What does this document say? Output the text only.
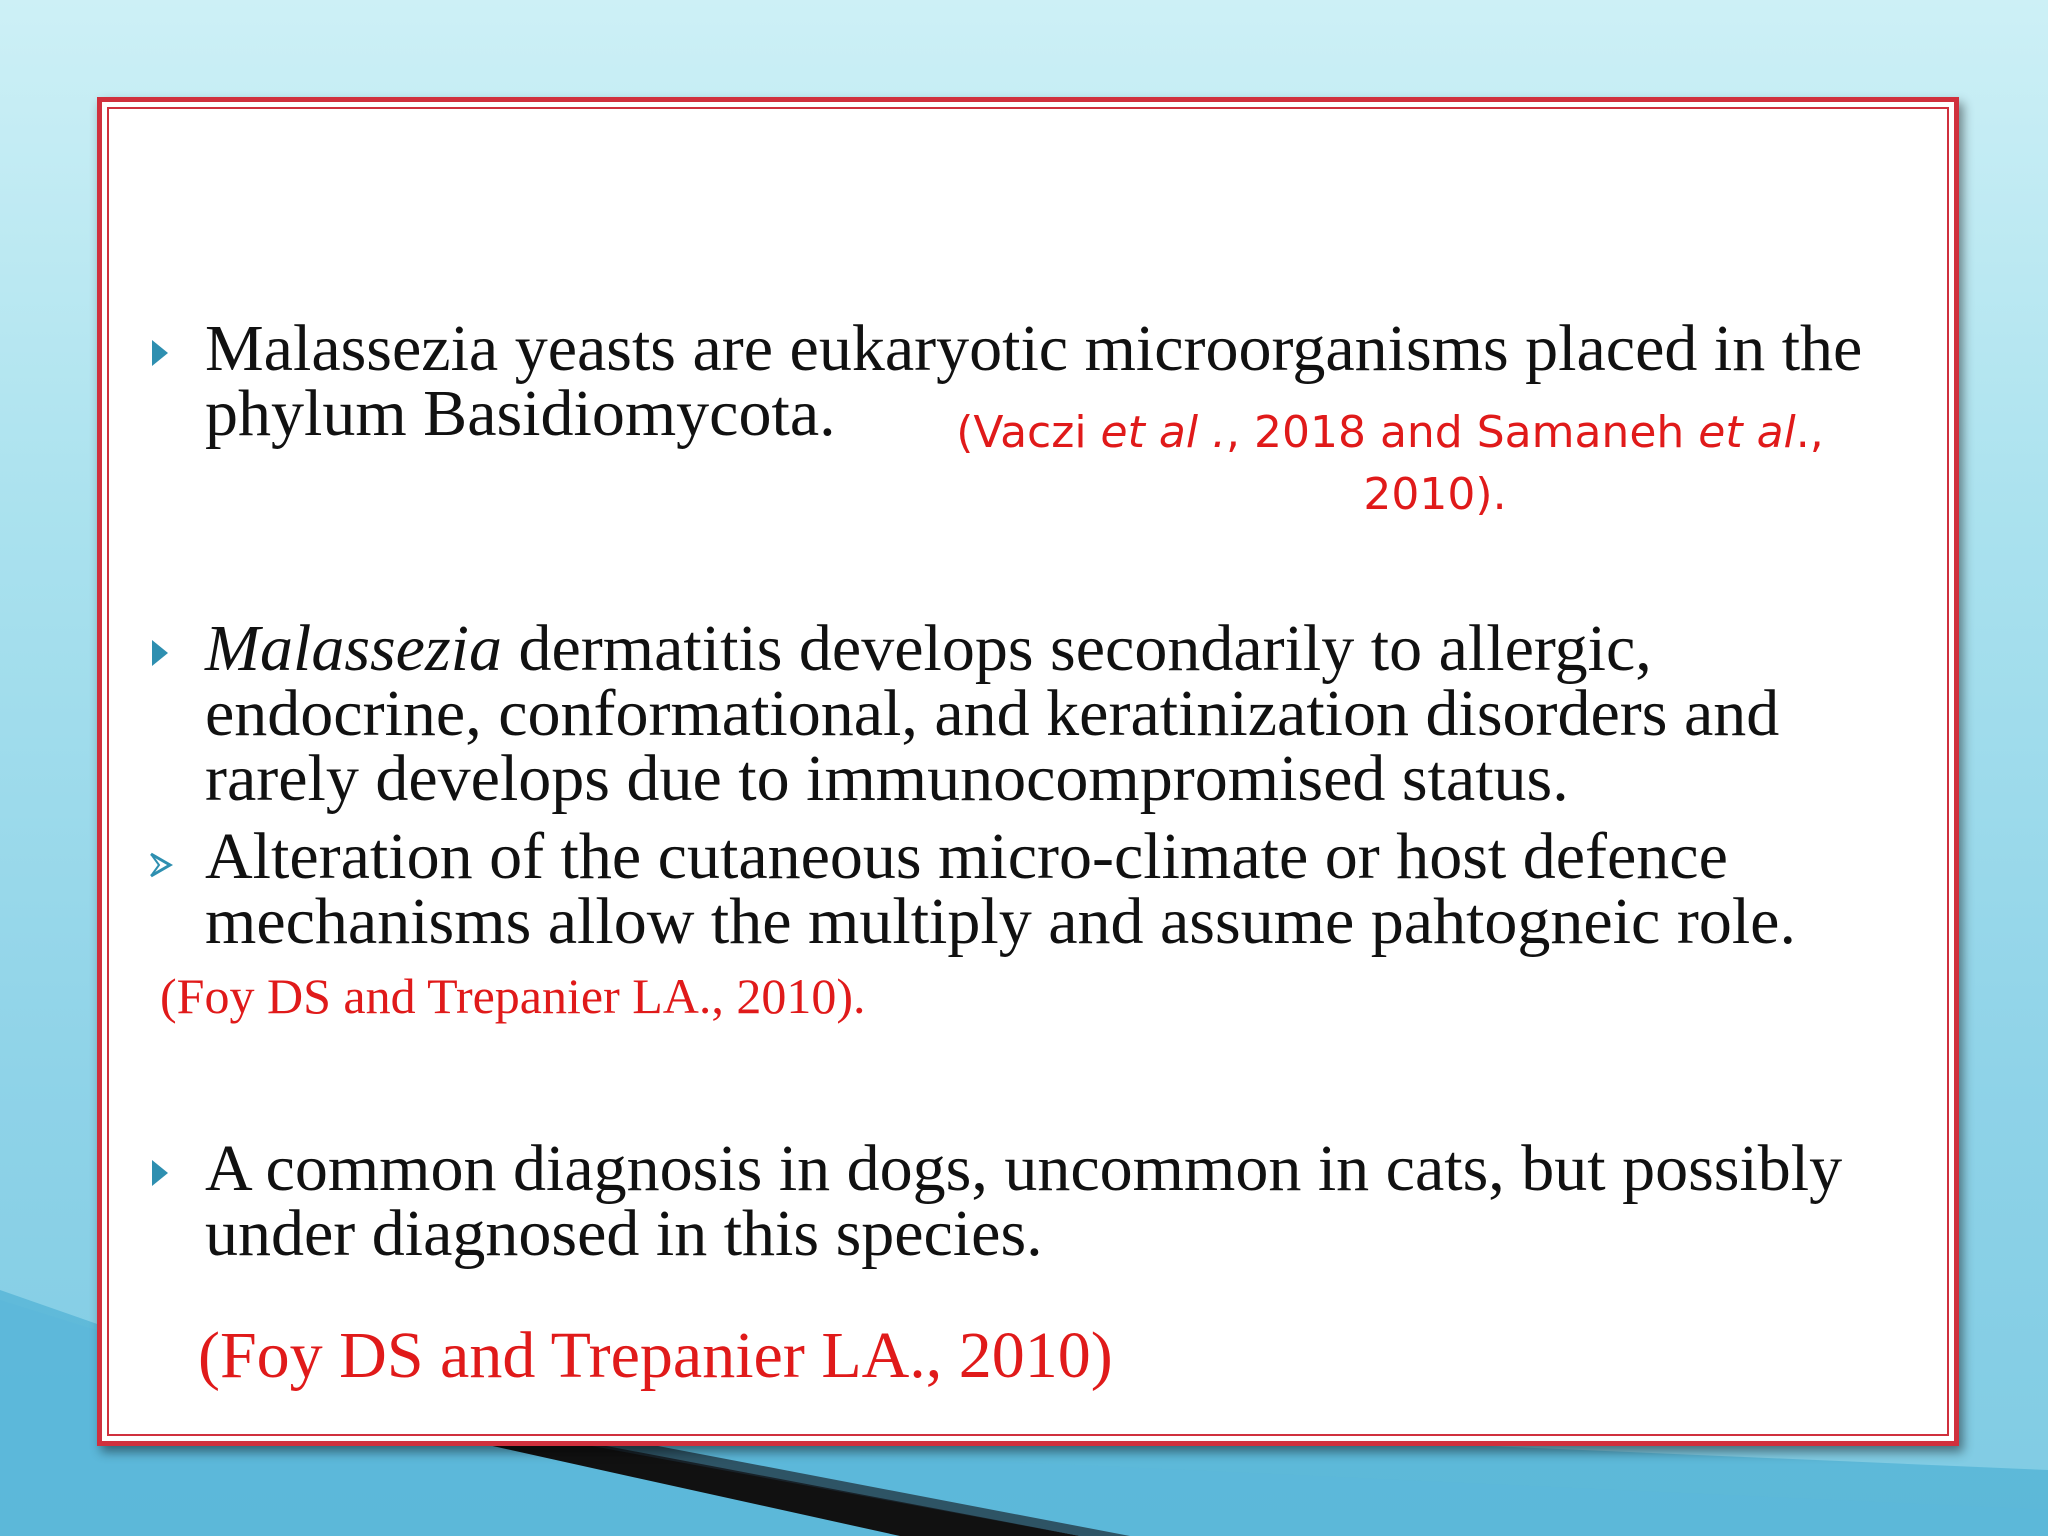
Malassezia yeasts are eukaryotic microorganisms placed in the
phylum Basidiomycota.	(Vaczi et al ., 2018 and Samaneh et al.,
2010).
Malassezia dermatitis develops secondarily to allergic,
endocrine, conformational, and keratinization disorders and
rarely develops due to immunocompromised status.
Alteration of the cutaneous micro-climate or host defence
mechanisms allow the multiply and assume pahtogneic role.
(Foy DS and Trepanier LA., 2010).
A common diagnosis in dogs, uncommon in cats, but possibly
under diagnosed in this species.
(Foy DS and Trepanier LA., 2010)
